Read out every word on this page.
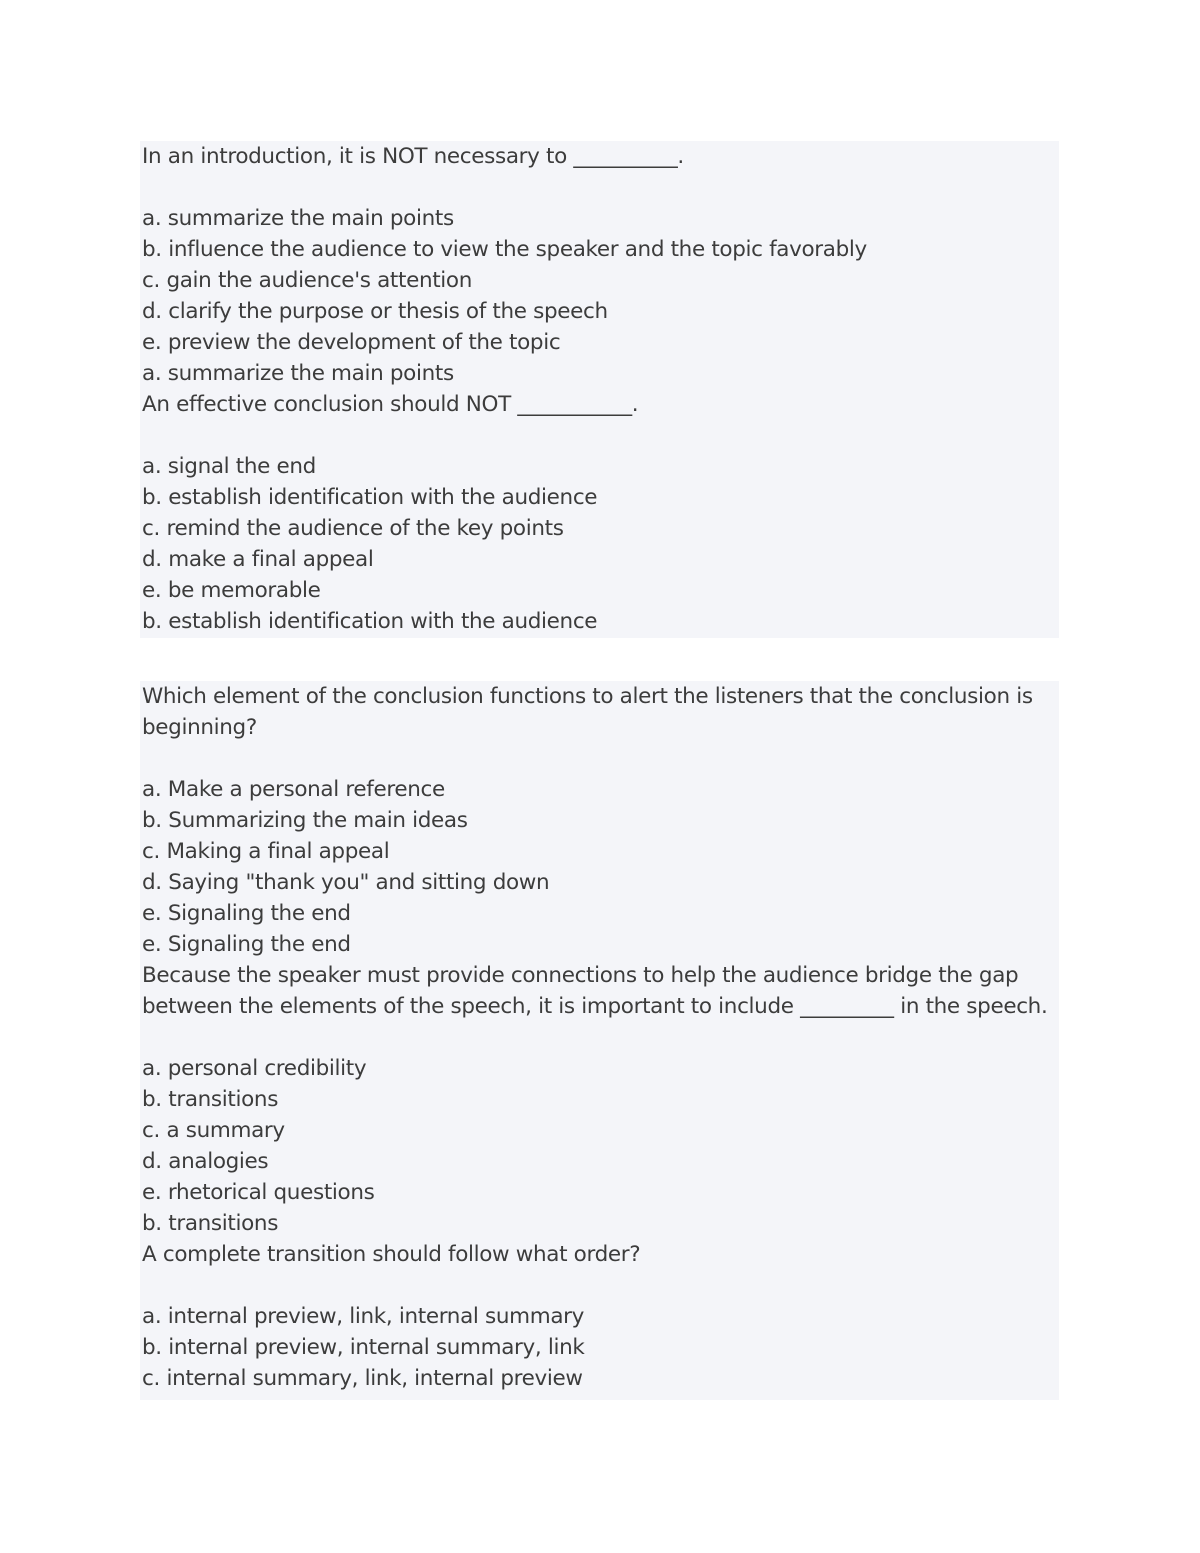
In an introduction, it is NOT necessary to __________.
a. summarize the main points
b. influence the audience to view the speaker and the topic favorably
c. gain the audience's attention
d. clarify the purpose or thesis of the speech
e. preview the development of the topic
a. summarize the main points
An effective conclusion should NOT ___________.
a. signal the end
b. establish identification with the audience
c. remind the audience of the key points
d. make a final appeal
e. be memorable
b. establish identification with the audience
Which element of the conclusion functions to alert the listeners that the conclusion is
beginning?
a. Make a personal reference
b. Summarizing the main ideas
c. Making a final appeal
d. Saying "thank you" and sitting down
e. Signaling the end
e. Signaling the end
Because the speaker must provide connections to help the audience bridge the gap
between the elements of the speech, it is important to include _________ in the speech.
a. personal credibility
b. transitions
c. a summary
d. analogies
e. rhetorical questions
b. transitions
A complete transition should follow what order?
a. internal preview, link, internal summary
b. internal preview, internal summary, link
c. internal summary, link, internal preview
